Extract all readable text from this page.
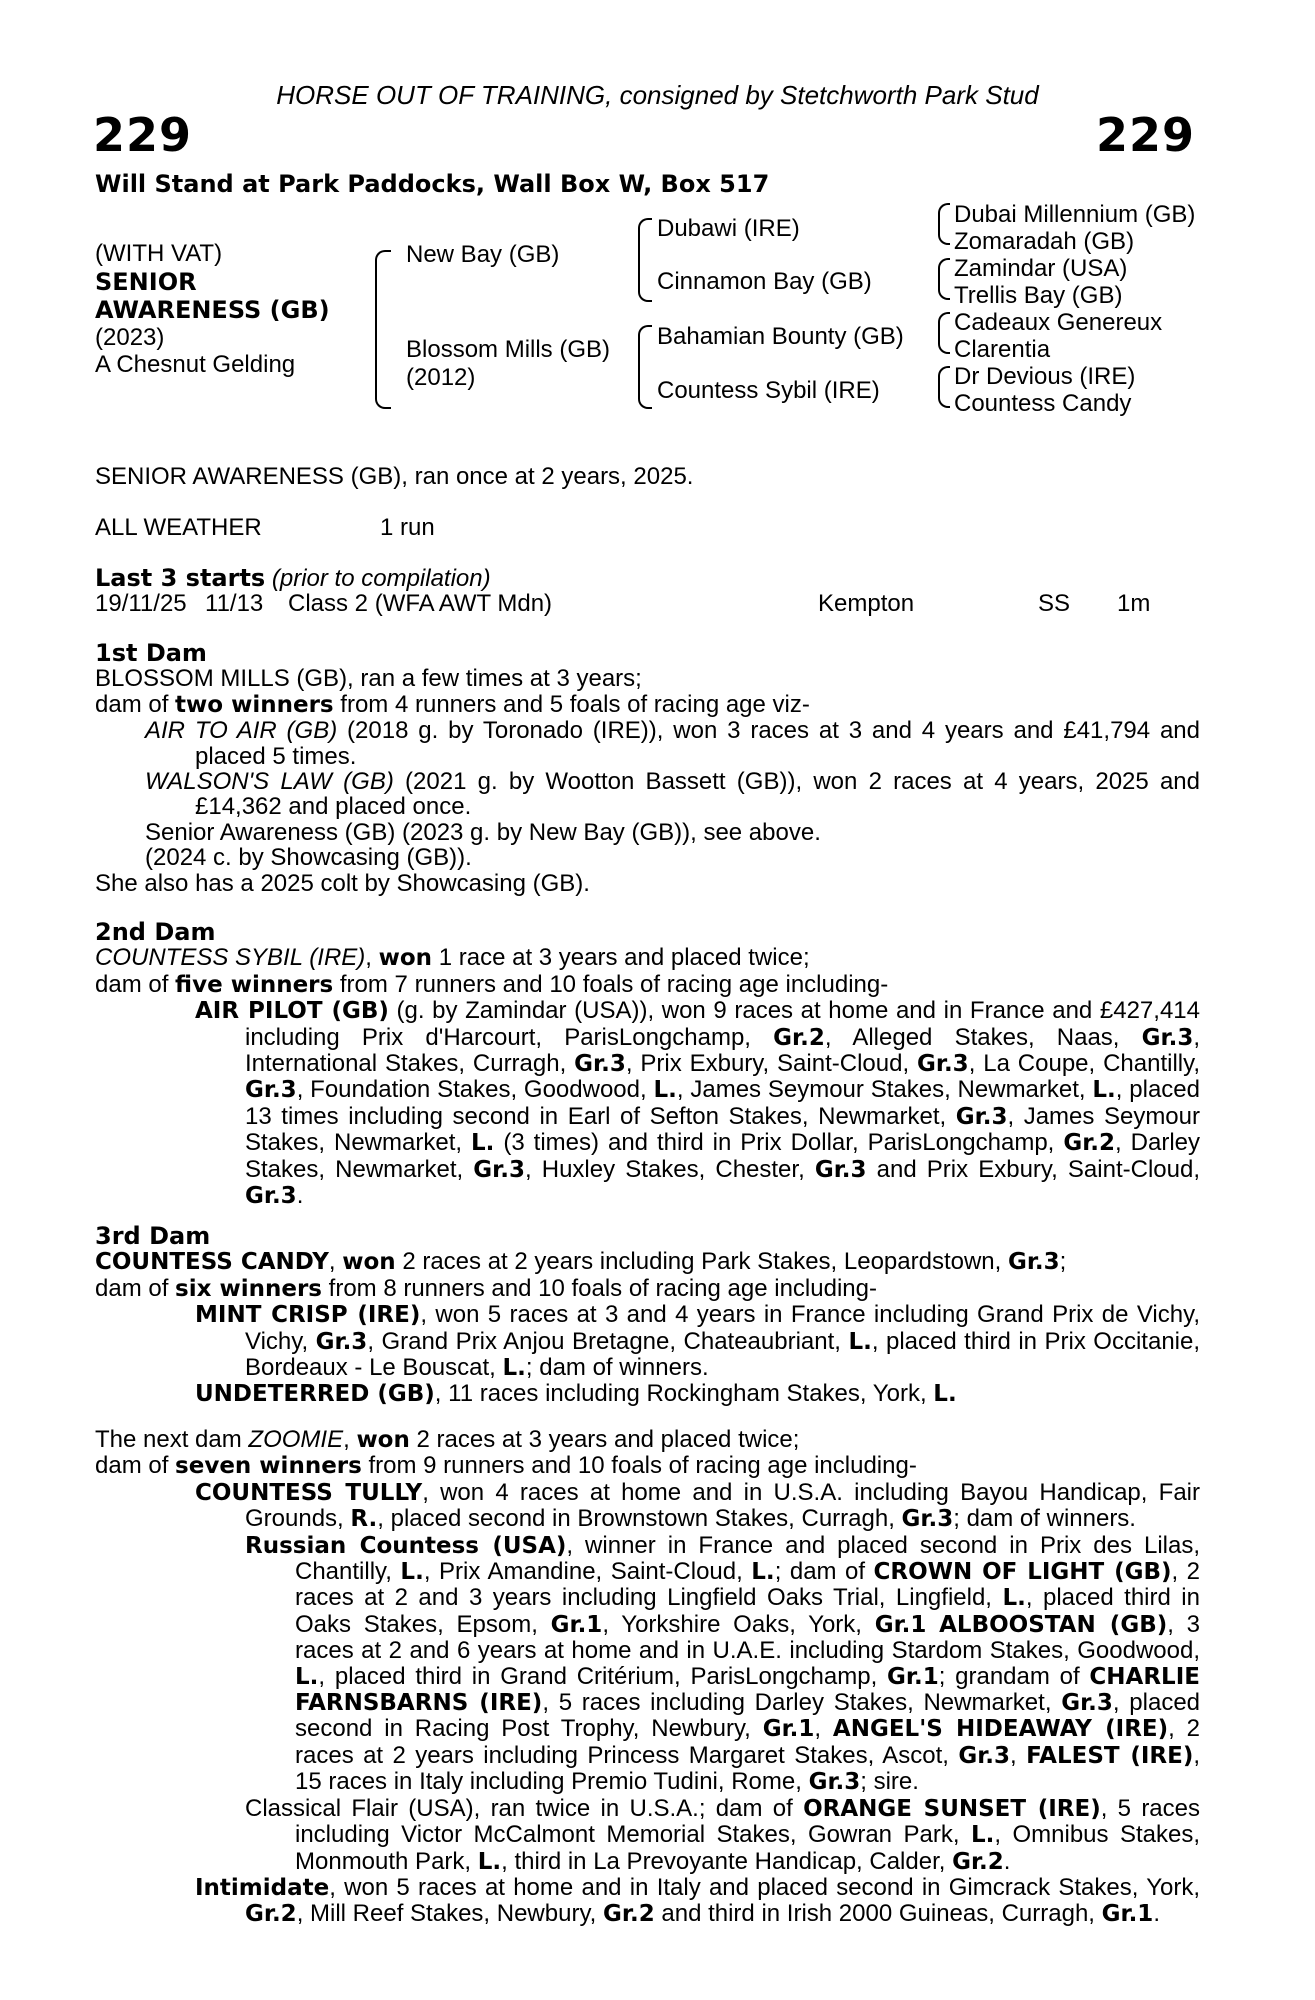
HORSE OUT OF TRAINING, consigned by Stetchworth Park Stud
229	229
Will Stand at Park Paddocks, Wall Box W, Box 517
(WITH VAT)
SENIOR
AWARENESS (GB)
(2023)
A Chesnut Gelding
New Bay (GB)
Blossom Mills (GB)
(2012)
Dubawi (IRE)
Cinnamon Bay (GB)
Bahamian Bounty (GB)
Countess Sybil (IRE)
Dubai Millennium (GB)
Zomaradah (GB)
Zamindar (USA)
Trellis Bay (GB)
Cadeaux Genereux
Clarentia
Dr Devious (IRE)
Countess Candy
SENIOR AWARENESS (GB), ran once at 2 years, 2025.
ALL WEATHER	1 run
Last 3 starts (prior to compilation)
19/11/25 11/13 Class 2 (WFA AWT Mdn)	Kempton	SS 1m

1st Dam

BLOSSOM MILLS (GB), ran a few times at 3 years;

dam of two winners from 4 runners and 5 foals of racing age viz-

AIR TO AIR (GB) (2018 g. by Toronado (IRE)), won 3 races at 3 and 4 years and £41,794 and placed 5 times.

WALSON'S LAW (GB) (2021 g. by Wootton Bassett (GB)), won 2 races at 4 years, 2025 and £14,362 and placed once.

Senior Awareness (GB) (2023 g. by New Bay (GB)), see above.

(2024 c. by Showcasing (GB)).

She also has a 2025 colt by Showcasing (GB).

2nd Dam

COUNTESS SYBIL (IRE), won 1 race at 3 years and placed twice;

dam of five winners from 7 runners and 10 foals of racing age including-

AIR PILOT (GB) (g. by Zamindar (USA)), won 9 races at home and in France and £427,414 including Prix d'Harcourt, ParisLongchamp, Gr.2, Alleged Stakes, Naas, Gr.3, International Stakes, Curragh, Gr.3, Prix Exbury, Saint-Cloud, Gr.3, La Coupe, Chantilly, Gr.3, Foundation Stakes, Goodwood, L., James Seymour Stakes, Newmarket, L., placed 13 times including second in Earl of Sefton Stakes, Newmarket, Gr.3, James Seymour Stakes, Newmarket, L. (3 times) and third in Prix Dollar, ParisLongchamp, Gr.2, Darley Stakes, Newmarket, Gr.3, Huxley Stakes, Chester, Gr.3 and Prix Exbury, Saint-Cloud, Gr.3.

3rd Dam

COUNTESS CANDY, won 2 races at 2 years including Park Stakes, Leopardstown, Gr.3;

dam of six winners from 8 runners and 10 foals of racing age including-

MINT CRISP (IRE), won 5 races at 3 and 4 years in France including Grand Prix de Vichy, Vichy, Gr.3, Grand Prix Anjou Bretagne, Chateaubriant, L., placed third in Prix Occitanie, Bordeaux - Le Bouscat, L.; dam of winners.

UNDETERRED (GB), 11 races including Rockingham Stakes, York, L.

The next dam ZOOMIE, won 2 races at 3 years and placed twice;

dam of seven winners from 9 runners and 10 foals of racing age including-

COUNTESS TULLY, won 4 races at home and in U.S.A. including Bayou Handicap, Fair Grounds, R., placed second in Brownstown Stakes, Curragh, Gr.3; dam of winners.

Russian Countess (USA), winner in France and placed second in Prix des Lilas, Chantilly, L., Prix Amandine, Saint-Cloud, L.; dam of CROWN OF LIGHT (GB), 2 races at 2 and 3 years including Lingfield Oaks Trial, Lingfield, L., placed third in Oaks Stakes, Epsom, Gr.1, Yorkshire Oaks, York, Gr.1 ALBOOSTAN (GB), 3 races at 2 and 6 years at home and in U.A.E. including Stardom Stakes, Goodwood, L., placed third in Grand Critérium, ParisLongchamp, Gr.1; grandam of CHARLIE FARNSBARNS (IRE), 5 races including Darley Stakes, Newmarket, Gr.3, placed second in Racing Post Trophy, Newbury, Gr.1, ANGEL'S HIDEAWAY (IRE), 2 races at 2 years including Princess Margaret Stakes, Ascot, Gr.3, FALEST (IRE), 15 races in Italy including Premio Tudini, Rome, Gr.3; sire.

Classical Flair (USA), ran twice in U.S.A.; dam of ORANGE SUNSET (IRE), 5 races including Victor McCalmont Memorial Stakes, Gowran Park, L., Omnibus Stakes, Monmouth Park, L., third in La Prevoyante Handicap, Calder, Gr.2.

Intimidate, won 5 races at home and in Italy and placed second in Gimcrack Stakes, York, Gr.2, Mill Reef Stakes, Newbury, Gr.2 and third in Irish 2000 Guineas, Curragh, Gr.1.
